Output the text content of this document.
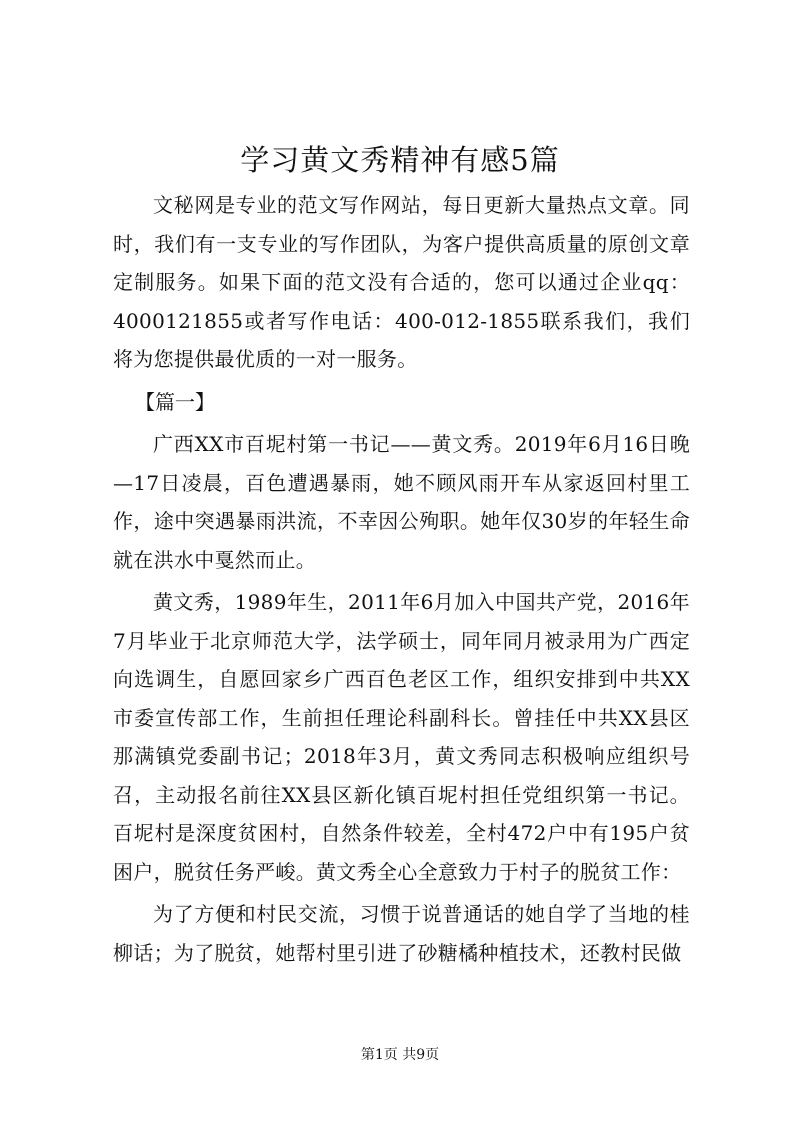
学习黄文秀精神有感5篇

文秘网是专业的范文写作网站，每日更新大量热点文章。同时，我们有一支专业的写作团队，为客户提供高质量的原创文章定制服务。如果下面的范文没有合适的，您可以通过企业qq：4000121855或者写作电话：400-012-1855联系我们，我们将为您提供最优质的一对一服务。

【篇一】

广西XX市百坭村第一书记——黄文秀。2019年6月16日晚—17日凌晨，百色遭遇暴雨，她不顾风雨开车从家返回村里工作，途中突遇暴雨洪流，不幸因公殉职。她年仅30岁的年轻生命就在洪水中戛然而止。

黄文秀，1989年生，2011年6月加入中国共产党，2016年7月毕业于北京师范大学，法学硕士，同年同月被录用为广西定向选调生，自愿回家乡广西百色老区工作，组织安排到中共XX市委宣传部工作，生前担任理论科副科长。曾挂任中共XX县区那满镇党委副书记；2018年3月，黄文秀同志积极响应组织号召，主动报名前往XX县区新化镇百坭村担任党组织第一书记。百坭村是深度贫困村，自然条件较差，全村472户中有195户贫困户，脱贫任务严峻。黄文秀全心全意致力于村子的脱贫工作：

为了方便和村民交流，习惯于说普通话的她自学了当地的桂柳话；为了脱贫，她帮村里引进了砂糖橘种植技术，还教村民做

第1页 共9页
